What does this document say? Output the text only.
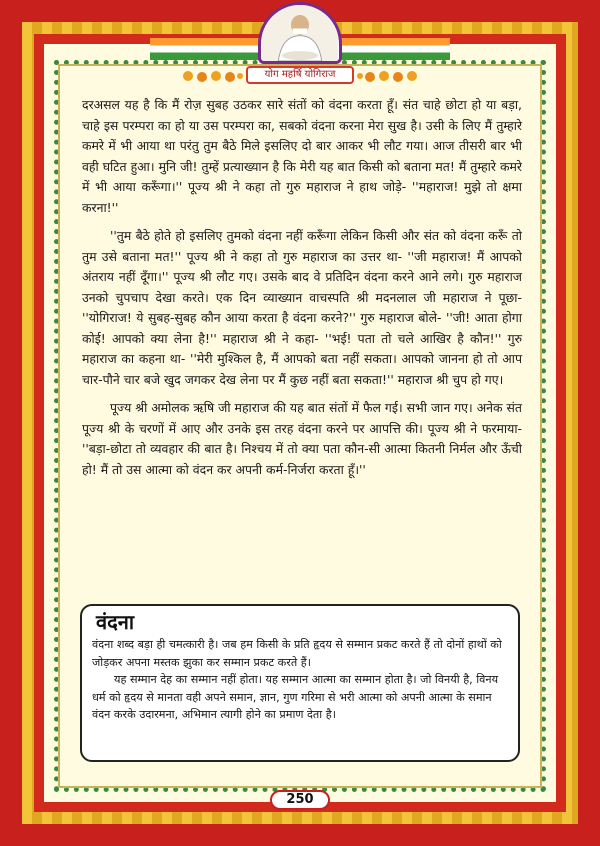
योग महर्षि योगिराज

दरअसल यह है कि मैं रोज़ सुबह उठकर सारे संतों को वंदना करता हूँ। संत चाहे छोटा हो या बड़ा, चाहे इस परम्परा का हो या उस परम्परा का, सबको वंदना करना मेरा सुख है। उसी के लिए मैं तुम्हारे कमरे में भी आया था परंतु तुम बैठे मिले इसलिए दो बार आकर भी लौट गया। आज तीसरी बार भी वही घटित हुआ। मुनि जी! तुम्हें प्रत्याख्यान है कि मेरी यह बात किसी को बताना मत! मैं तुम्हारे कमरे में भी आया करूँगा।'' पूज्य श्री ने कहा तो गुरु महाराज ने हाथ जोड़े- ''महाराज! मुझे तो क्षमा करना!''

''तुम बैठे होते हो इसलिए तुमको वंदना नहीं करूँगा लेकिन किसी और संत को वंदना करूँ तो तुम उसे बताना मत!'' पूज्य श्री ने कहा तो गुरु महाराज का उत्तर था- ''जी महाराज! मैं आपको अंतराय नहीं दूँगा।'' पूज्य श्री लौट गए। उसके बाद वे प्रतिदिन वंदना करने आने लगे। गुरु महाराज उनको चुपचाप देखा करते। एक दिन व्याख्यान वाचस्पति श्री मदनलाल जी महाराज ने पूछा- ''योगिराज! ये सुबह-सुबह कौन आया करता है वंदना करने?'' गुरु महाराज बोले- ''जी! आता होगा कोई! आपको क्या लेना है!'' महाराज श्री ने कहा- ''भई! पता तो चले आखिर है कौन!'' गुरु महाराज का कहना था- ''मेरी मुश्किल है, मैं आपको बता नहीं सकता। आपको जानना हो तो आप चार-पौने चार बजे खुद जगकर देख लेना पर मैं कुछ नहीं बता सकता!'' महाराज श्री चुप हो गए।

पूज्य श्री अमोलक ऋषि जी महाराज की यह बात संतों में फैल गई। सभी जान गए। अनेक संत पूज्य श्री के चरणों में आए और उनके इस तरह वंदना करने पर आपत्ति की। पूज्य श्री ने फरमाया- ''बड़ा-छोटा तो व्यवहार की बात है। निश्चय में तो क्या पता कौन-सी आत्मा कितनी निर्मल और ऊँची हो! मैं तो उस आत्मा को वंदन कर अपनी कर्म-निर्जरा करता हूँ।''

वंदना

वंदना शब्द बड़ा ही चमत्कारी है। जब हम किसी के प्रति हृदय से सम्मान प्रकट करते हैं तो दोनों हाथों को जोड़कर अपना मस्तक झुका कर सम्मान प्रकट करते हैं।

यह सम्मान देह का सम्मान नहीं होता। यह सम्मान आत्मा का सम्मान होता है। जो विनयी है, विनय धर्म को हृदय से मानता वही अपने समान, ज्ञान, गुण गरिमा से भरी आत्मा को अपनी आत्मा के समान वंदन करके उदारमना, अभिमान त्यागी होने का प्रमाण देता है।

250
